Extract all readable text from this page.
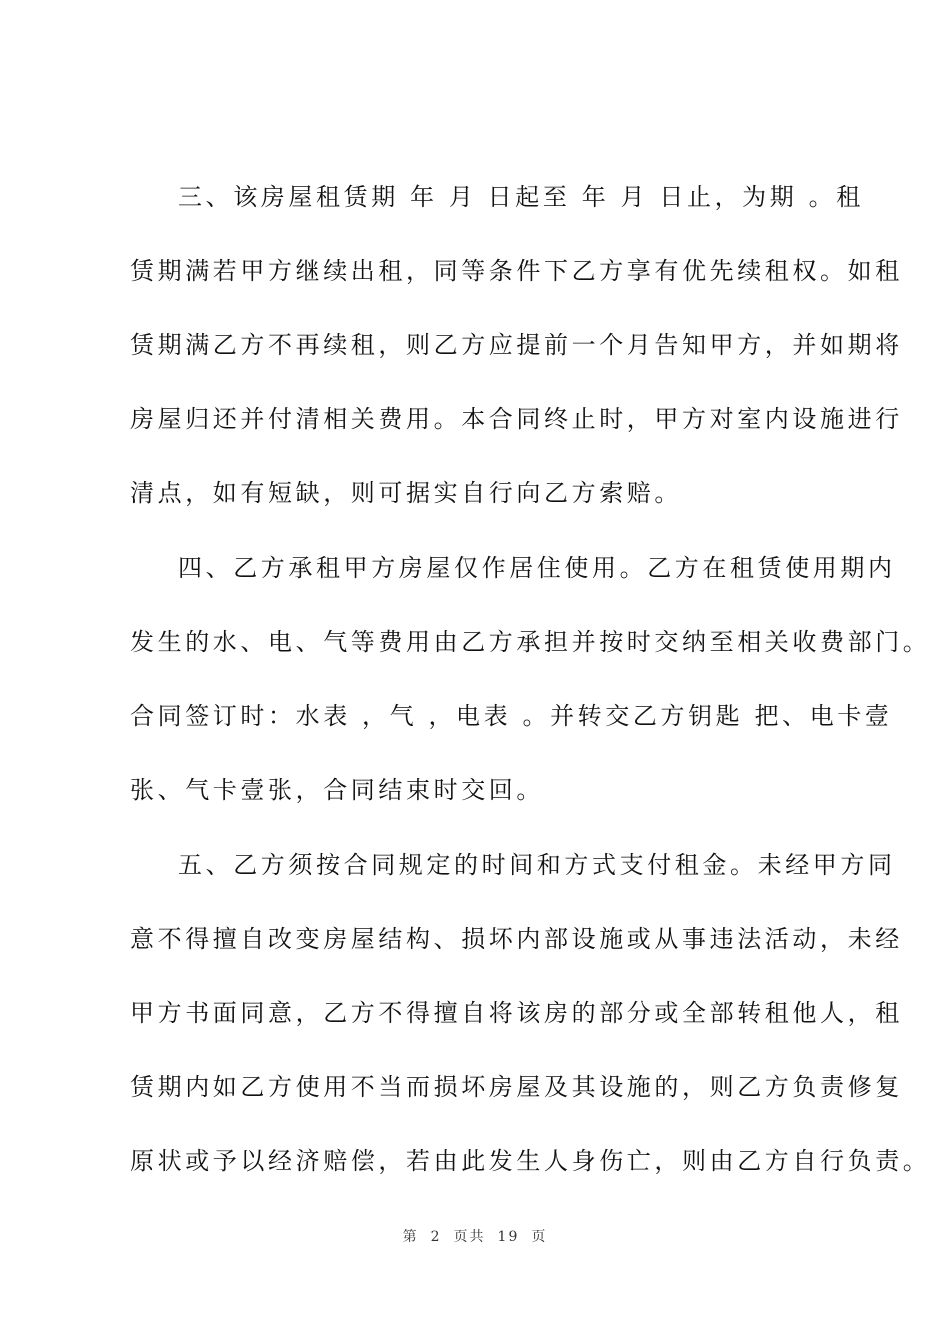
三、该房屋租赁期 年 月 日起至 年 月 日止，为期 。租
赁期满若甲方继续出租，同等条件下乙方享有优先续租权。如租
赁期满乙方不再续租，则乙方应提前一个月告知甲方，并如期将
房屋归还并付清相关费用。本合同终止时，甲方对室内设施进行
清点，如有短缺，则可据实自行向乙方索赔。
四、乙方承租甲方房屋仅作居住使用。乙方在租赁使用期内
发生的水、电、气等费用由乙方承担并按时交纳至相关收费部门。
合同签订时：水表 ，气 ，电表 。并转交乙方钥匙 把、电卡壹
张、气卡壹张，合同结束时交回。
五、乙方须按合同规定的时间和方式支付租金。未经甲方同
意不得擅自改变房屋结构、损坏内部设施或从事违法活动，未经
甲方书面同意，乙方不得擅自将该房的部分或全部转租他人，租
赁期内如乙方使用不当而损坏房屋及其设施的，则乙方负责修复
原状或予以经济赔偿，若由此发生人身伤亡，则由乙方自行负责。
第 2 页共 19 页
